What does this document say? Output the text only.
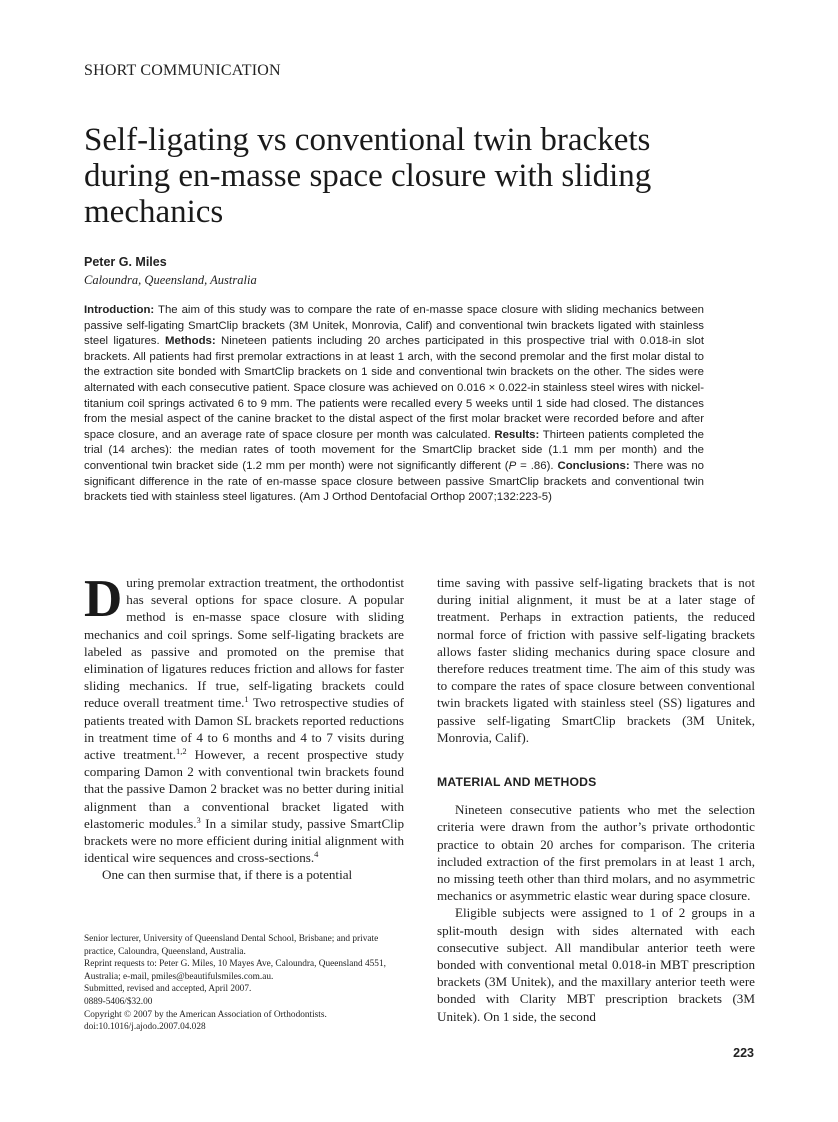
SHORT COMMUNICATION
Self-ligating vs conventional twin brackets during en-masse space closure with sliding mechanics
Peter G. Miles
Caloundra, Queensland, Australia

Introduction: The aim of this study was to compare the rate of en-masse space closure with sliding mechanics between passive self-ligating SmartClip brackets (3M Unitek, Monrovia, Calif) and conventional twin brackets ligated with stainless steel ligatures. Methods: Nineteen patients including 20 arches participated in this prospective trial with 0.018-in slot brackets. All patients had first premolar extractions in at least 1 arch, with the second premolar and the first molar distal to the extraction site bonded with SmartClip brackets on 1 side and conventional twin brackets on the other. The sides were alternated with each consecutive patient. Space closure was achieved on 0.016 × 0.022-in stainless steel wires with nickel-titanium coil springs activated 6 to 9 mm. The patients were recalled every 5 weeks until 1 side had closed. The distances from the mesial aspect of the canine bracket to the distal aspect of the first molar bracket were recorded before and after space closure, and an average rate of space closure per month was calculated. Results: Thirteen patients completed the trial (14 arches): the median rates of tooth movement for the SmartClip bracket side (1.1 mm per month) and the conventional twin bracket side (1.2 mm per month) were not significantly different (P = .86). Conclusions: There was no significant difference in the rate of en-masse space closure between passive SmartClip brackets and conventional twin brackets tied with stainless steel ligatures. (Am J Orthod Dentofacial Orthop 2007;132:223-5)

During premolar extraction treatment, the orthodontist has several options for space closure. A popular method is en-masse space closure with sliding mechanics and coil springs. Some self-ligating brackets are labeled as passive and promoted on the premise that elimination of ligatures reduces friction and allows for faster sliding mechanics. If true, self-ligating brackets could reduce overall treatment time.$^1$ Two retrospective studies of patients treated with Damon SL brackets reported reductions in treatment time of 4 to 6 months and 4 to 7 visits during active treatment.$^{1,2}$ However, a recent prospective study comparing Damon 2 with conventional twin brackets found that the passive Damon 2 bracket was no better during initial alignment than a conventional bracket ligated with elastomeric modules.$^3$ In a similar study, passive SmartClip brackets were no more efficient during initial alignment with identical wire sequences and cross-sections.$^4$

One can then surmise that, if there is a potential

time saving with passive self-ligating brackets that is not during initial alignment, it must be at a later stage of treatment. Perhaps in extraction patients, the reduced normal force of friction with passive self-ligating brackets allows faster sliding mechanics during space closure and therefore reduces treatment time. The aim of this study was to compare the rates of space closure between conventional twin brackets ligated with stainless steel (SS) ligatures and passive self-ligating SmartClip brackets (3M Unitek, Monrovia, Calif).

MATERIAL AND METHODS

Nineteen consecutive patients who met the selection criteria were drawn from the author’s private orthodontic practice to obtain 20 arches for comparison. The criteria included extraction of the first premolars in at least 1 arch, no missing teeth other than third molars, and no asymmetric mechanics or asymmetric elastic wear during space closure.

Eligible subjects were assigned to 1 of 2 groups in a split-mouth design with sides alternated with each consecutive subject. All mandibular anterior teeth were bonded with conventional metal 0.018-in MBT prescription brackets (3M Unitek), and the maxillary anterior teeth were bonded with Clarity MBT prescription brackets (3M Unitek). On 1 side, the second

Senior lecturer, University of Queensland Dental School, Brisbane; and private practice, Caloundra, Queensland, Australia.
Reprint requests to: Peter G. Miles, 10 Mayes Ave, Caloundra, Queensland 4551, Australia; e-mail, pmiles@beautifulsmiles.com.au.
Submitted, revised and accepted, April 2007.
0889-5406/$32.00
Copyright © 2007 by the American Association of Orthodontists.
doi:10.1016/j.ajodo.2007.04.028
223
